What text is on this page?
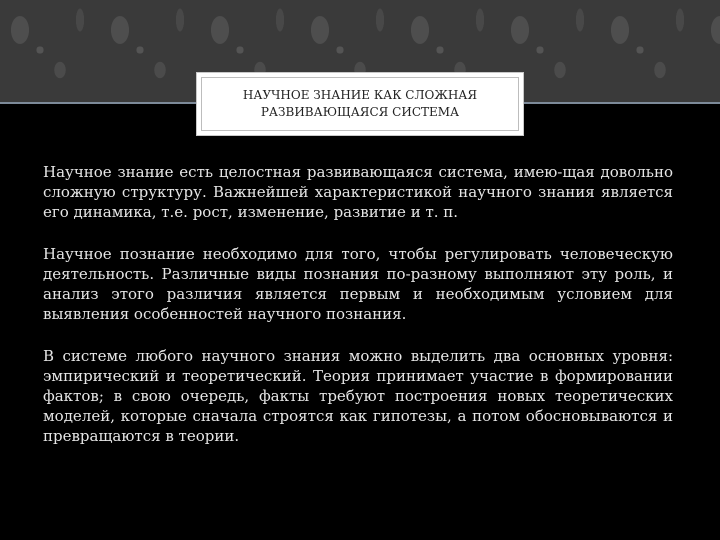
НАУЧНОЕ ЗНАНИЕ КАК СЛОЖНАЯ
РАЗВИВАЮЩАЯСЯ СИСТЕМА

Научное знание есть целостная развивающаяся система, имею-щая довольно сложную структуру. Важнейшей характеристикой научного знания является его динамика, т.е. рост, изменение, развитие и т. п.

Научное познание необходимо для того, чтобы регулировать человеческую деятельность. Различные виды познания по-разному выполняют эту роль, и анализ этого различия является первым и необходимым условием для выявления особенностей научного познания.

В системе любого научного знания можно выделить два основных уровня: эмпирический и теоретический. Теория принимает участие в формировании фактов; в свою очередь, факты требуют построения новых теоретических моделей, которые сначала строятся как гипотезы, а потом обосновываются и превращаются в теории.
